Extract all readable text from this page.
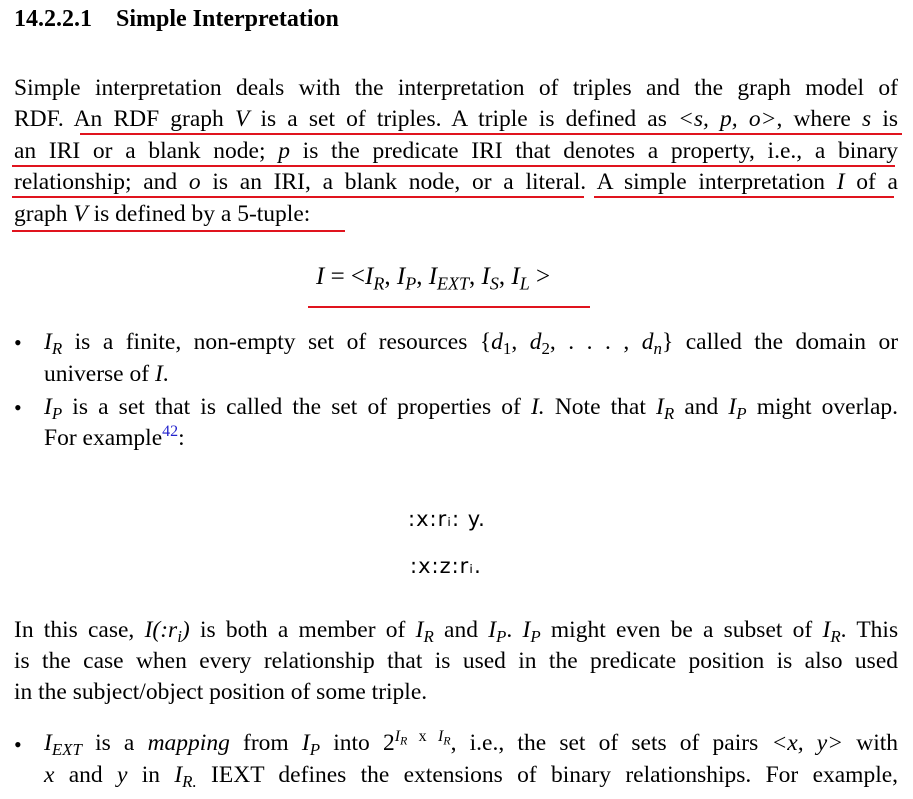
14.2.2.1 Simple Interpretation
Simple interpretation deals with the interpretation of triples and the graph model of
RDF. An RDF graph V is a set of triples. A triple is defined as <s, p, o>, where s is
an IRI or a blank node; p is the predicate IRI that denotes a property, i.e., a binary
relationship; and o is an IRI, a blank node, or a literal. A simple interpretation I of a
graph V is defined by a 5-tuple:
$I = <I_R$, $I_P$, $I_{EXT}$, $I_S$, $I_L$ >
• $I_R$ is a finite, non-empty set of resources {$d_1$, $d_2$, . . . , $d_n$} called the domain or
universe of I.
• $I_P$ is a set that is called the set of properties of I. Note that $I_R$ and $I_P$ might overlap.
For example$^{42}$:
:x:rᵢ: y.
:x:z:rᵢ.
In this case, $I(:r_i)$ is both a member of $I_R$ and $I_P$. $I_P$ might even be a subset of $I_R$. This
is the case when every relationship that is used in the predicate position is also used
in the subject/object position of some triple.
• $I_{EXT}$ is a mapping from $I_P$ into $2^{I_R x I_R}$, i.e., the set of sets of pairs <x, y> with
x and y in $I_{R.}$ IEXT defines the extensions of binary relationships. For example,
